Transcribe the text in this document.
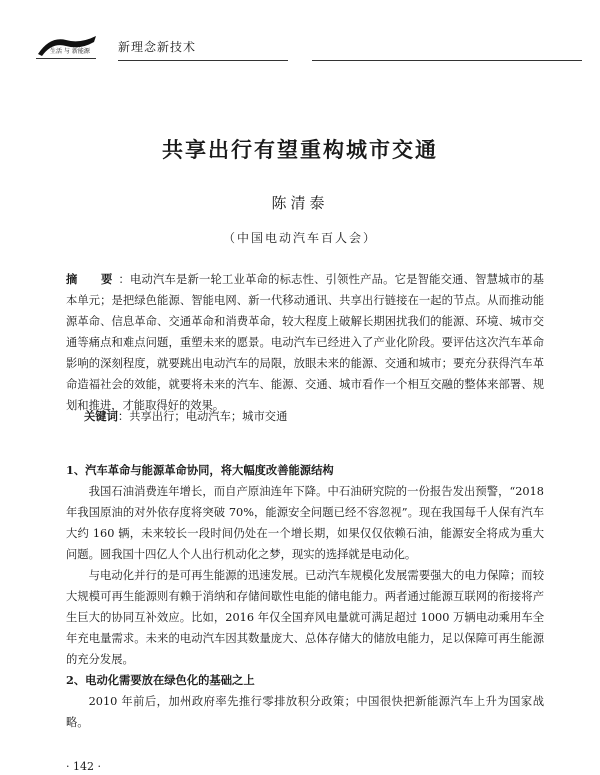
生活 与 新能源 新理念新技术
共享出行有望重构城市交通
陈清泰
（中国电动汽车百人会）
摘　要：电动汽车是新一轮工业革命的标志性、引领性产品。它是智能交通、智慧城市的基本单元；是把绿色能源、智能电网、新一代移动通讯、共享出行链接在一起的节点。从而推动能源革命、信息革命、交通革命和消费革命，较大程度上破解长期困扰我们的能源、环境、城市交通等痛点和难点问题，重塑未来的愿景。电动汽车已经进入了产业化阶段。要评估这次汽车革命影响的深刻程度，就要跳出电动汽车的局限，放眼未来的能源、交通和城市；要充分获得汽车革命造福社会的效能，就要将未来的汽车、能源、交通、城市看作一个相互交融的整体来部署、规划和推进，才能取得好的效果。
关键词：共享出行；电动汽车；城市交通

1、汽车革命与能源革命协同，将大幅度改善能源结构

我国石油消费连年增长，而自产原油连年下降。中石油研究院的一份报告发出预警，“2018 年我国原油的对外依存度将突破 70%，能源安全问题已经不容忽视”。现在我国每千人保有汽车大约 160 辆，未来较长一段时间仍处在一个增长期，如果仅仅依赖石油，能源安全将成为重大问题。圆我国十四亿人个人出行机动化之梦，现实的选择就是电动化。

与电动化并行的是可再生能源的迅速发展。已动汽车规模化发展需要强大的电力保障；而较大规模可再生能源则有赖于消纳和存储间歇性电能的储电能力。两者通过能源互联网的衔接将产生巨大的协同互补效应。比如，2016 年仅全国弃风电量就可满足超过 1000 万辆电动乘用车全年充电量需求。未来的电动汽车因其数量庞大、总体存储大的储放电能力，足以保障可再生能源的充分发展。

2、电动化需要放在绿色化的基础之上

2010 年前后，加州政府率先推行零排放积分政策；中国很快把新能源汽车上升为国家战略。

· 142 ·
